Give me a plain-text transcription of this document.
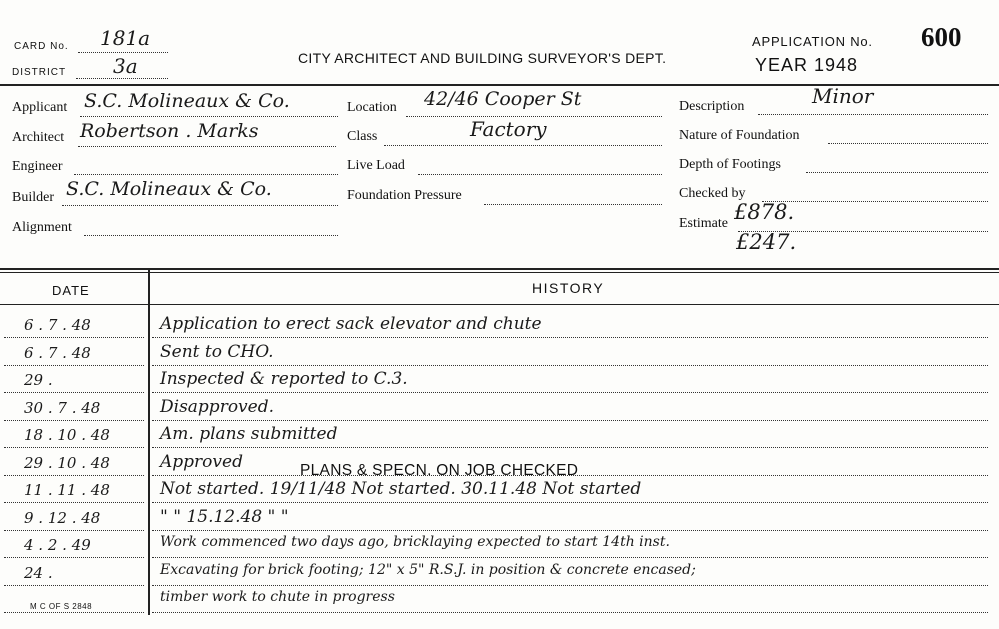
CARD No. 181a
DISTRICT 3a	CITY ARCHITECT AND BUILDING SURVEYOR'S DEPT.
APPLICATION No. 600
YEAR 1948
Applicant S.C. Molineaux & Co.
Architect Robertson . Marks
Engineer
Builder S.C. Molineaux & Co.
Alignment
Location 42/46 Cooper St
Class	Factory
Live Load
Foundation Pressure
Description	Minor
Nature of Foundation
Depth of Footings
Checked by
Estimate £878.
£247.
DATE	HISTORY
6 . 7 . 48	Application to erect sack elevator and chute
6 . 7 . 48	Sent to CHO.
29 .	Inspected & reported to C.3.
30 . 7 . 48	Disapproved.
18 . 10 . 48	Am. plans submitted
29 . 10 . 48	Approved
11 . 11 . 48	Not started. 19/11/48 Not started. 30.11.48 Not started
9 . 12 . 48	" " 15.12.48 " "
4 . 2 . 49	Work commenced two days ago, bricklaying expected to start 14th inst.
24 .	Excavating for brick footing; 12" x 5" R.S.J. in position & concrete encased;
timber work to chute in progress
PLANS & SPECN. ON JOB CHECKED
M C OF S 2848
